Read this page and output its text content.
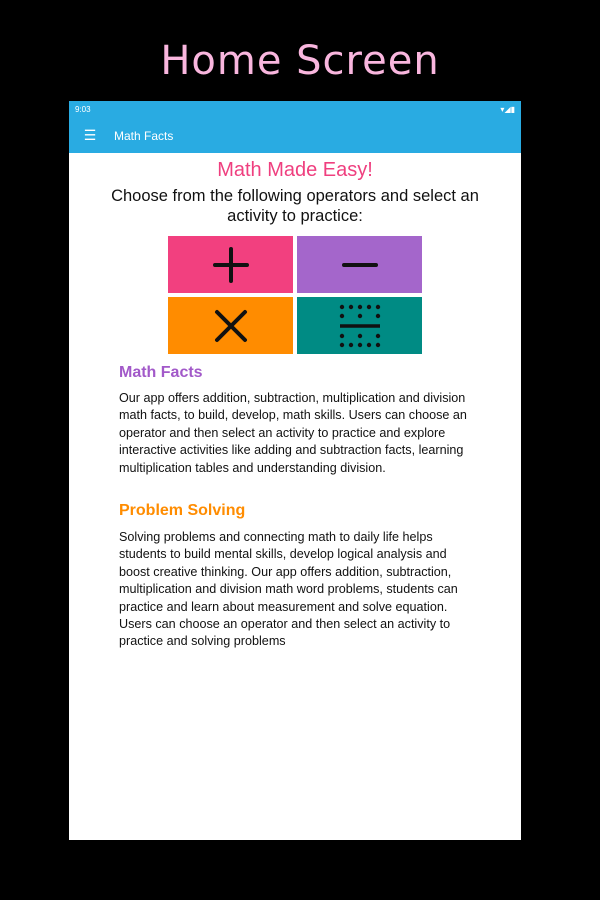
Home Screen
9:03	▾◢▮
☰	Math Facts
Math Made Easy!
Choose from the following operators and select an activity to practice:
Math Facts
Our app offers addition, subtraction, multiplication and division math facts, to build, develop, math skills. Users can choose an operator and then select an activity to practice and explore interactive activities like adding and subtraction facts, learning multiplication tables and understanding division.
Problem Solving
Solving problems and connecting math to daily life helps students to build mental skills, develop logical analysis and boost creative thinking. Our app offers addition, subtraction, multiplication and division math word problems, students can practice and learn about measurement and solve equation. Users can choose an operator and then select an activity to practice and solving problems
